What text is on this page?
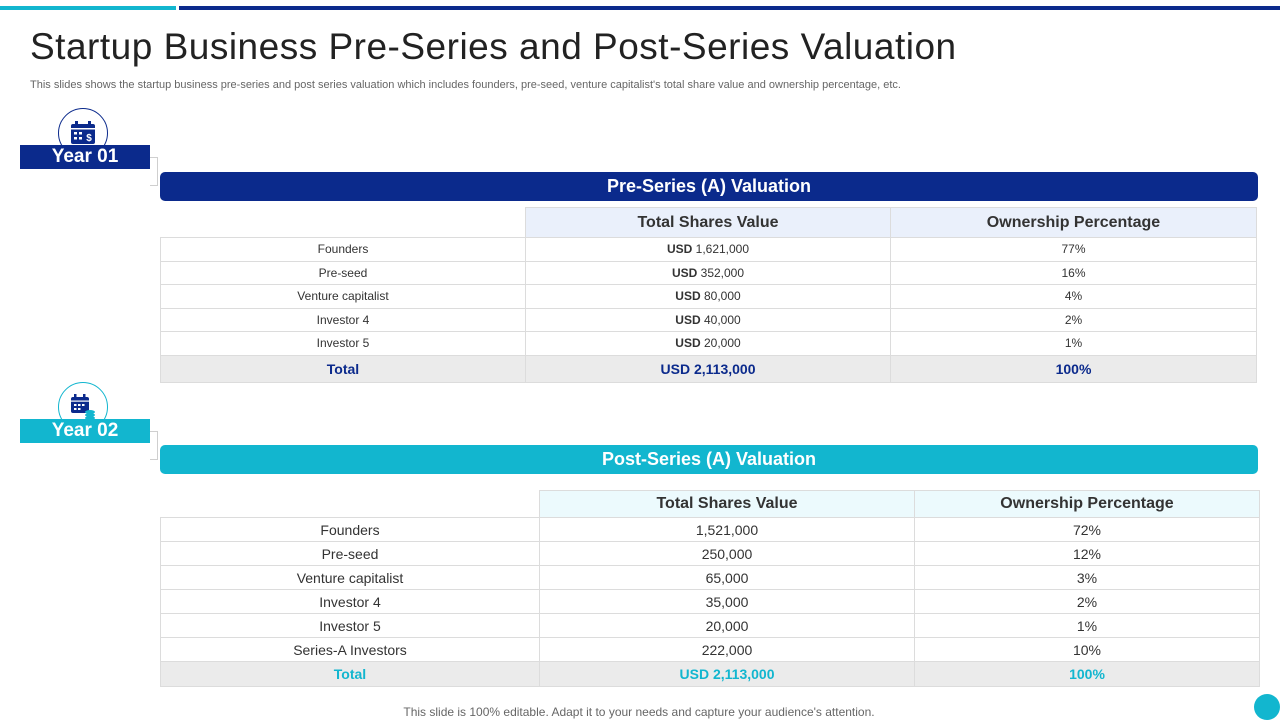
Startup Business Pre-Series and Post-Series Valuation

This slides shows the startup business pre-series and post series valuation which includes founders, pre-seed, venture capitalist's total share value and ownership percentage, etc.

$
Year 01
Pre-Series (A) Valuation
	Total Shares Value	Ownership Percentage
Founders	USD 1,621,000	77%
Pre-seed	USD 352,000	16%
Venture capitalist	USD 80,000	4%
Investor 4	USD 40,000	2%
Investor 5	USD 20,000	1%
Total	USD 2,113,000	100%
Year 02
Post-Series (A) Valuation
	Total Shares Value	Ownership Percentage
Founders	1,521,000	72%
Pre-seed	250,000	12%
Venture capitalist	65,000	3%
Investor 4	35,000	2%
Investor 5	20,000	1%
Series-A Investors	222,000	10%
Total	USD 2,113,000	100%

This slide is 100% editable. Adapt it to your needs and capture your audience's attention.
